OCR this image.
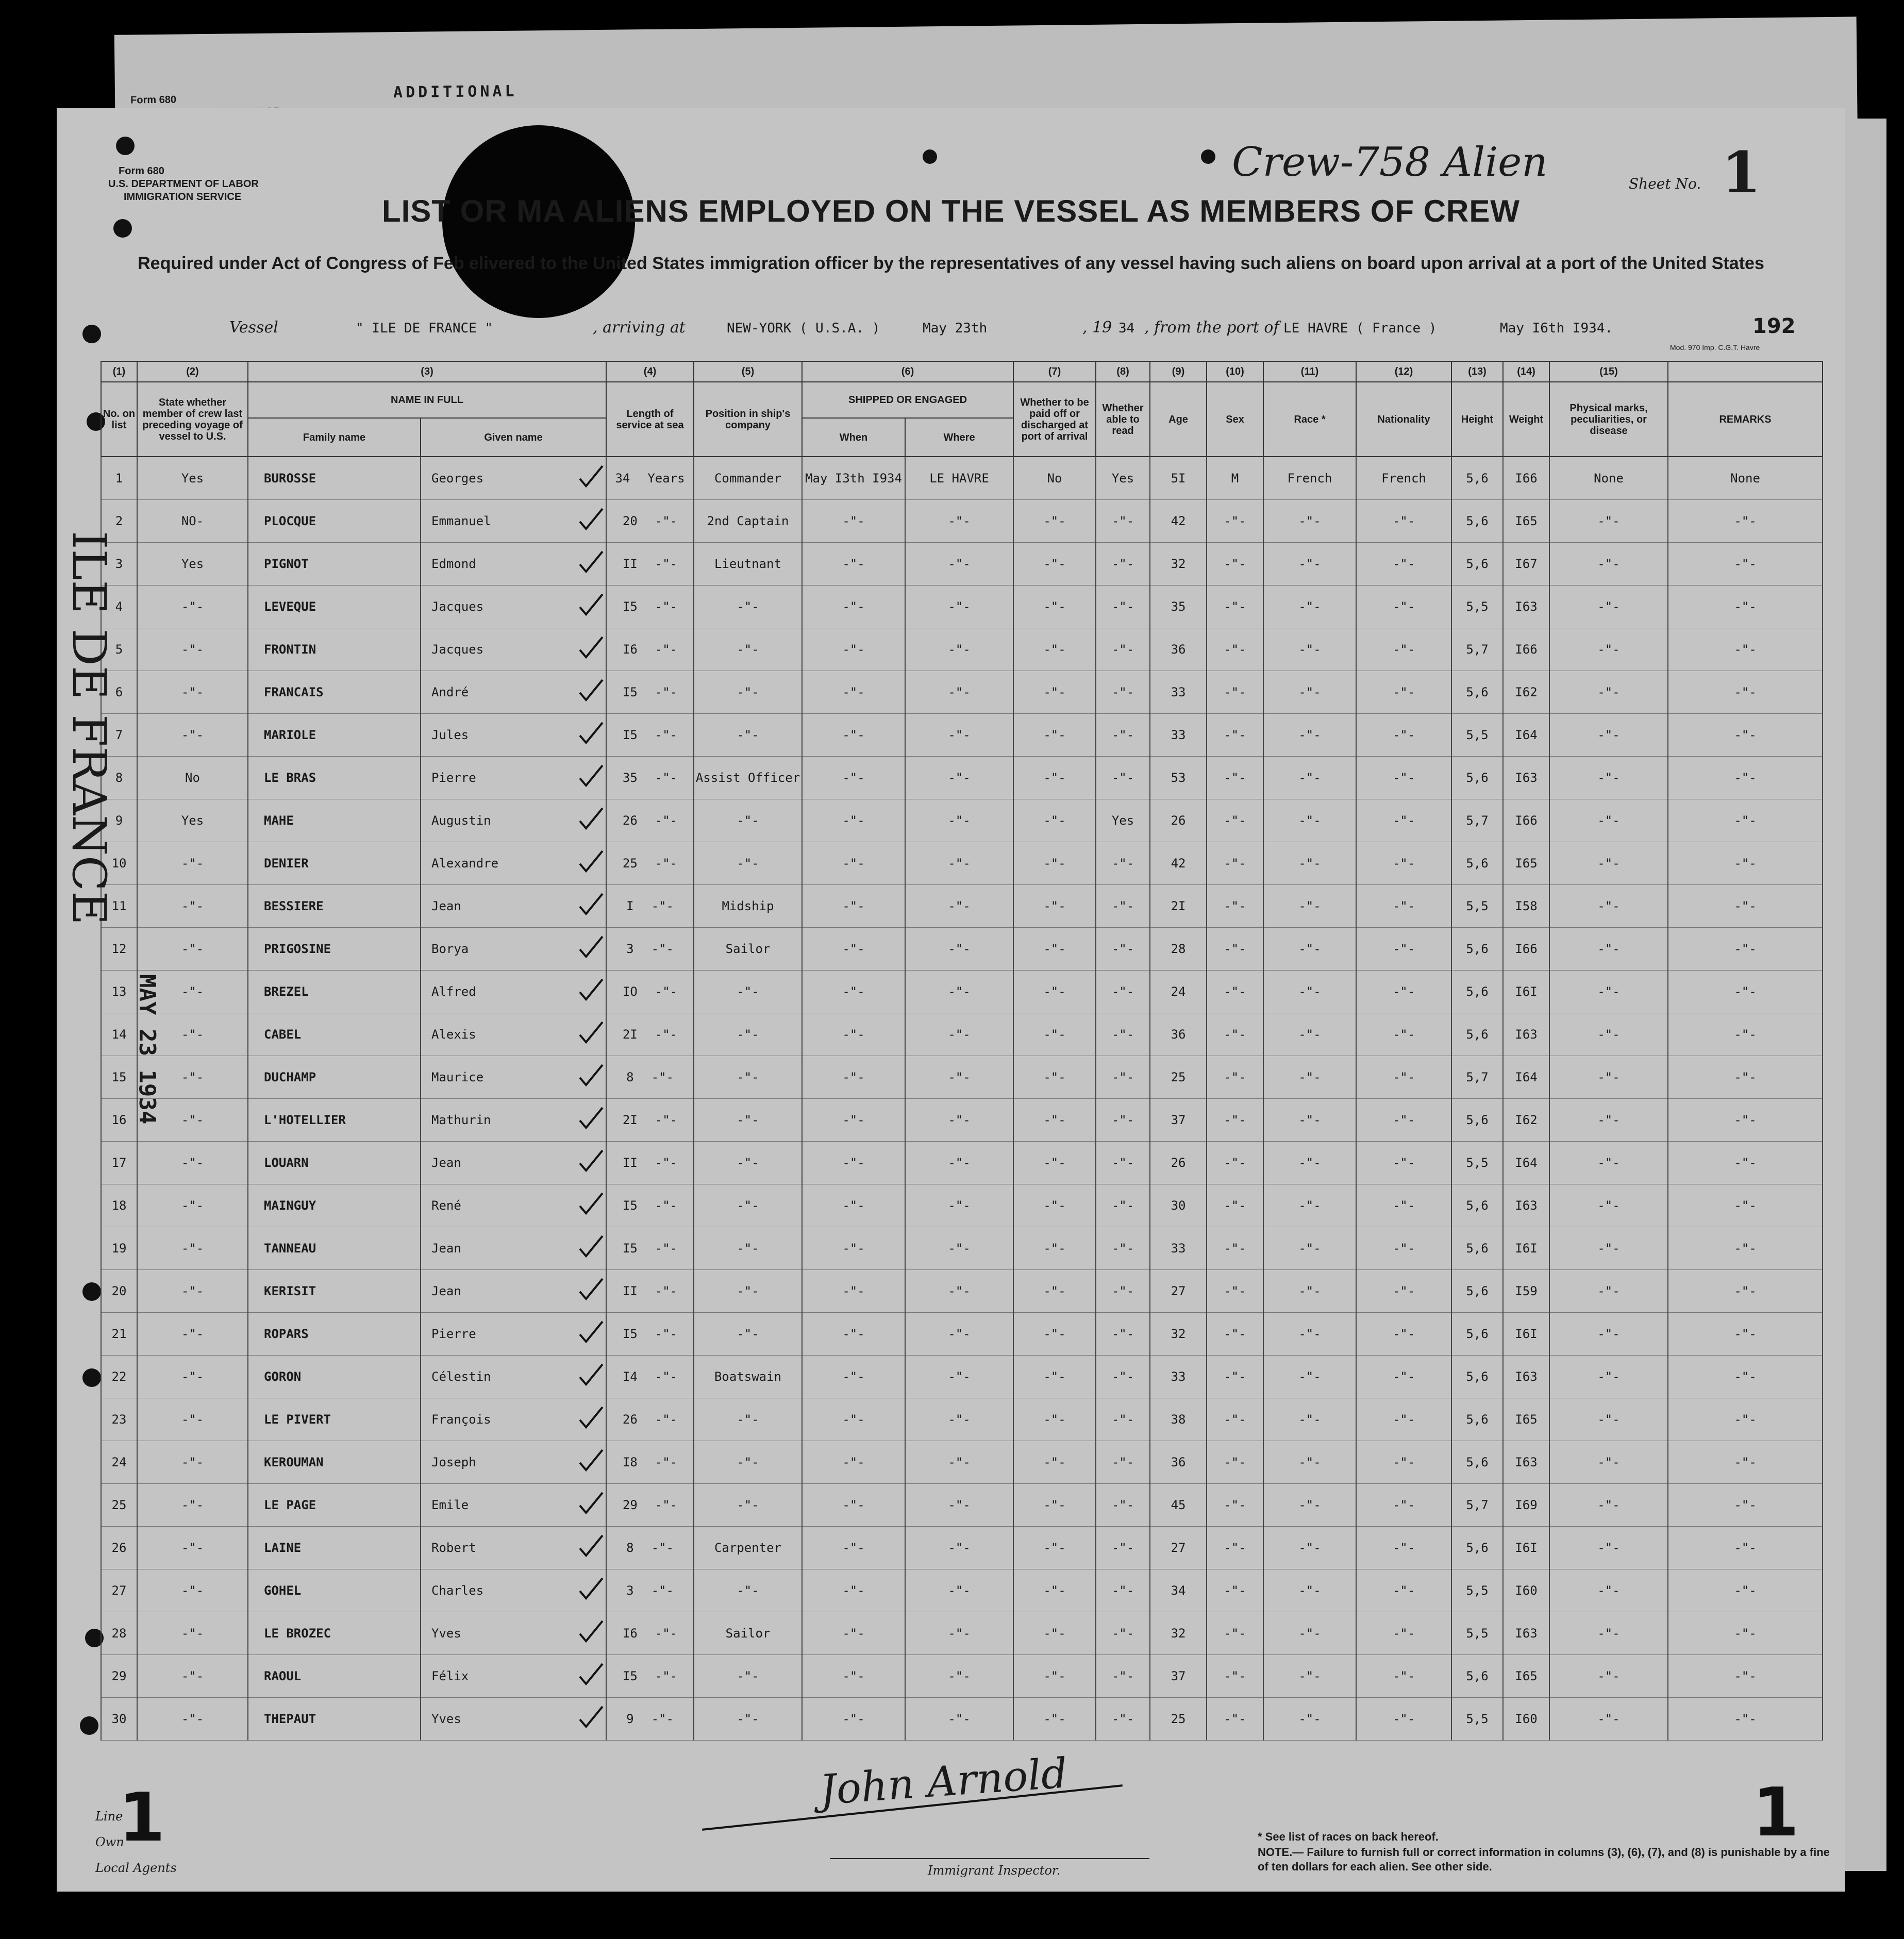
ADDITIONAL
Form 680
Form 680
U.S. DEPARTMENT OF LABOR
IMMIGRATION SERVICE
Crew-758 Alien	Sheet No. 1
LIST OR MA ALIENS EMPLOYED ON THE VESSEL AS MEMBERS OF CREW
Required under Act of Congress of Feb elivered to the United States immigration officer by the representatives of any vessel having such aliens on board upon arrival at a port of the United States
Vessel	" ILE DE FRANCE "	, arriving at	NEW-YORK ( U.S.A. )	May 23th	, 19 34 , from the port of LE HAVRE ( France )	May I6th I934.	192
Mod. 970 Imp. C.G.T. Havre
(1)	(2)	(3)		(4)	(5)	(6)		(7)	(8)	(9)	(10)	(11)	(12)	(13)	(14)	(15)	
No. on list	State whether member of crew last preceding voyage of vessel to U.S.	NAME IN FULL		Length of service at sea	Position in ship's company	SHIPPED OR ENGAGED		Whether to be paid off or discharged at port of arrival	Whether able to read	Age	Sex	Race *	Nationality	Height	Weight	Physical marks, peculiarities, or disease	REMARKS
		Family name	Given name			When	Where										
1	Yes	BUROSSE	Georges	34 Years	Commander	May I3th I934	LE HAVRE	No	Yes	5I	M	French	French	5,6	I66	None	None
2	NO-	PLOCQUE	Emmanuel	20 -"-	2nd Captain	-"-	-"-	-"-	-"-	42	-"-	-"-	-"-	5,6	I65	-"-	-"-
3	Yes	PIGNOT	Edmond	II -"-	Lieutnant	-"-	-"-	-"-	-"-	32	-"-	-"-	-"-	5,6	I67	-"-	-"-
4	-"-	LEVEQUE	Jacques	I5 -"-	-"-	-"-	-"-	-"-	-"-	35	-"-	-"-	-"-	5,5	I63	-"-	-"-
5	-"-	FRONTIN	Jacques	I6 -"-	-"-	-"-	-"-	-"-	-"-	36	-"-	-"-	-"-	5,7	I66	-"-	-"-
6	-"-	FRANCAIS	André	I5 -"-	-"-	-"-	-"-	-"-	-"-	33	-"-	-"-	-"-	5,6	I62	-"-	-"-
7	-"-	MARIOLE	Jules	I5 -"-	-"-	-"-	-"-	-"-	-"-	33	-"-	-"-	-"-	5,5	I64	-"-	-"-
8	No	LE BRAS	Pierre	35 -"-	Assist Officer	-"-	-"-	-"-	-"-	53	-"-	-"-	-"-	5,6	I63	-"-	-"-
9	Yes	MAHE	Augustin	26 -"-	-"-	-"-	-"-	-"-	Yes	26	-"-	-"-	-"-	5,7	I66	-"-	-"-
10	-"-	DENIER	Alexandre	25 -"-	-"-	-"-	-"-	-"-	-"-	42	-"-	-"-	-"-	5,6	I65	-"-	-"-
11	-"-	BESSIERE	Jean	I -"-	Midship	-"-	-"-	-"-	-"-	2I	-"-	-"-	-"-	5,5	I58	-"-	-"-
12	-"-	PRIGOSINE	Borya	3 -"-	Sailor	-"-	-"-	-"-	-"-	28	-"-	-"-	-"-	5,6	I66	-"-	-"-
13	-"-	BREZEL	Alfred	IO -"-	-"-	-"-	-"-	-"-	-"-	24	-"-	-"-	-"-	5,6	I6I	-"-	-"-
14	-"-	CABEL	Alexis	2I -"-	-"-	-"-	-"-	-"-	-"-	36	-"-	-"-	-"-	5,6	I63	-"-	-"-
15	-"-	DUCHAMP	Maurice	8 -"-	-"-	-"-	-"-	-"-	-"-	25	-"-	-"-	-"-	5,7	I64	-"-	-"-
16	-"-	L'HOTELLIER	Mathurin	2I -"-	-"-	-"-	-"-	-"-	-"-	37	-"-	-"-	-"-	5,6	I62	-"-	-"-
17	-"-	LOUARN	Jean	II -"-	-"-	-"-	-"-	-"-	-"-	26	-"-	-"-	-"-	5,5	I64	-"-	-"-
18	-"-	MAINGUY	René	I5 -"-	-"-	-"-	-"-	-"-	-"-	30	-"-	-"-	-"-	5,6	I63	-"-	-"-
19	-"-	TANNEAU	Jean	I5 -"-	-"-	-"-	-"-	-"-	-"-	33	-"-	-"-	-"-	5,6	I6I	-"-	-"-
20	-"-	KERISIT	Jean	II -"-	-"-	-"-	-"-	-"-	-"-	27	-"-	-"-	-"-	5,6	I59	-"-	-"-
21	-"-	ROPARS	Pierre	I5 -"-	-"-	-"-	-"-	-"-	-"-	32	-"-	-"-	-"-	5,6	I6I	-"-	-"-
22	-"-	GORON	Célestin	I4 -"-	Boatswain	-"-	-"-	-"-	-"-	33	-"-	-"-	-"-	5,6	I63	-"-	-"-
23	-"-	LE PIVERT	François	26 -"-	-"-	-"-	-"-	-"-	-"-	38	-"-	-"-	-"-	5,6	I65	-"-	-"-
24	-"-	KEROUMAN	Joseph	I8 -"-	-"-	-"-	-"-	-"-	-"-	36	-"-	-"-	-"-	5,6	I63	-"-	-"-
25	-"-	LE PAGE	Emile	29 -"-	-"-	-"-	-"-	-"-	-"-	45	-"-	-"-	-"-	5,7	I69	-"-	-"-
26	-"-	LAINE	Robert	8 -"-	Carpenter	-"-	-"-	-"-	-"-	27	-"-	-"-	-"-	5,6	I6I	-"-	-"-
27	-"-	GOHEL	Charles	3 -"-	-"-	-"-	-"-	-"-	-"-	34	-"-	-"-	-"-	5,5	I60	-"-	-"-
28	-"-	LE BROZEC	Yves	I6 -"-	Sailor	-"-	-"-	-"-	-"-	32	-"-	-"-	-"-	5,5	I63	-"-	-"-
29	-"-	RAOUL	Félix	I5 -"-	-"-	-"-	-"-	-"-	-"-	37	-"-	-"-	-"-	5,6	I65	-"-	-"-
30	-"-	THEPAUT	Yves	9 -"-	-"-	-"-	-"-	-"-	-"-	25	-"-	-"-	-"-	5,5	I60	-"-	-"-
ILE DE FRANCE
MAY 23 1934
John Arnold
Line
Own
Local Agents	Immigrant Inspector.
* See list of races on back hereof.
NOTE.— Failure to furnish full or correct information in columns (3), (6), (7), and (8) is punishable by a fine of ten dollars for each alien. See other side.
1	1
